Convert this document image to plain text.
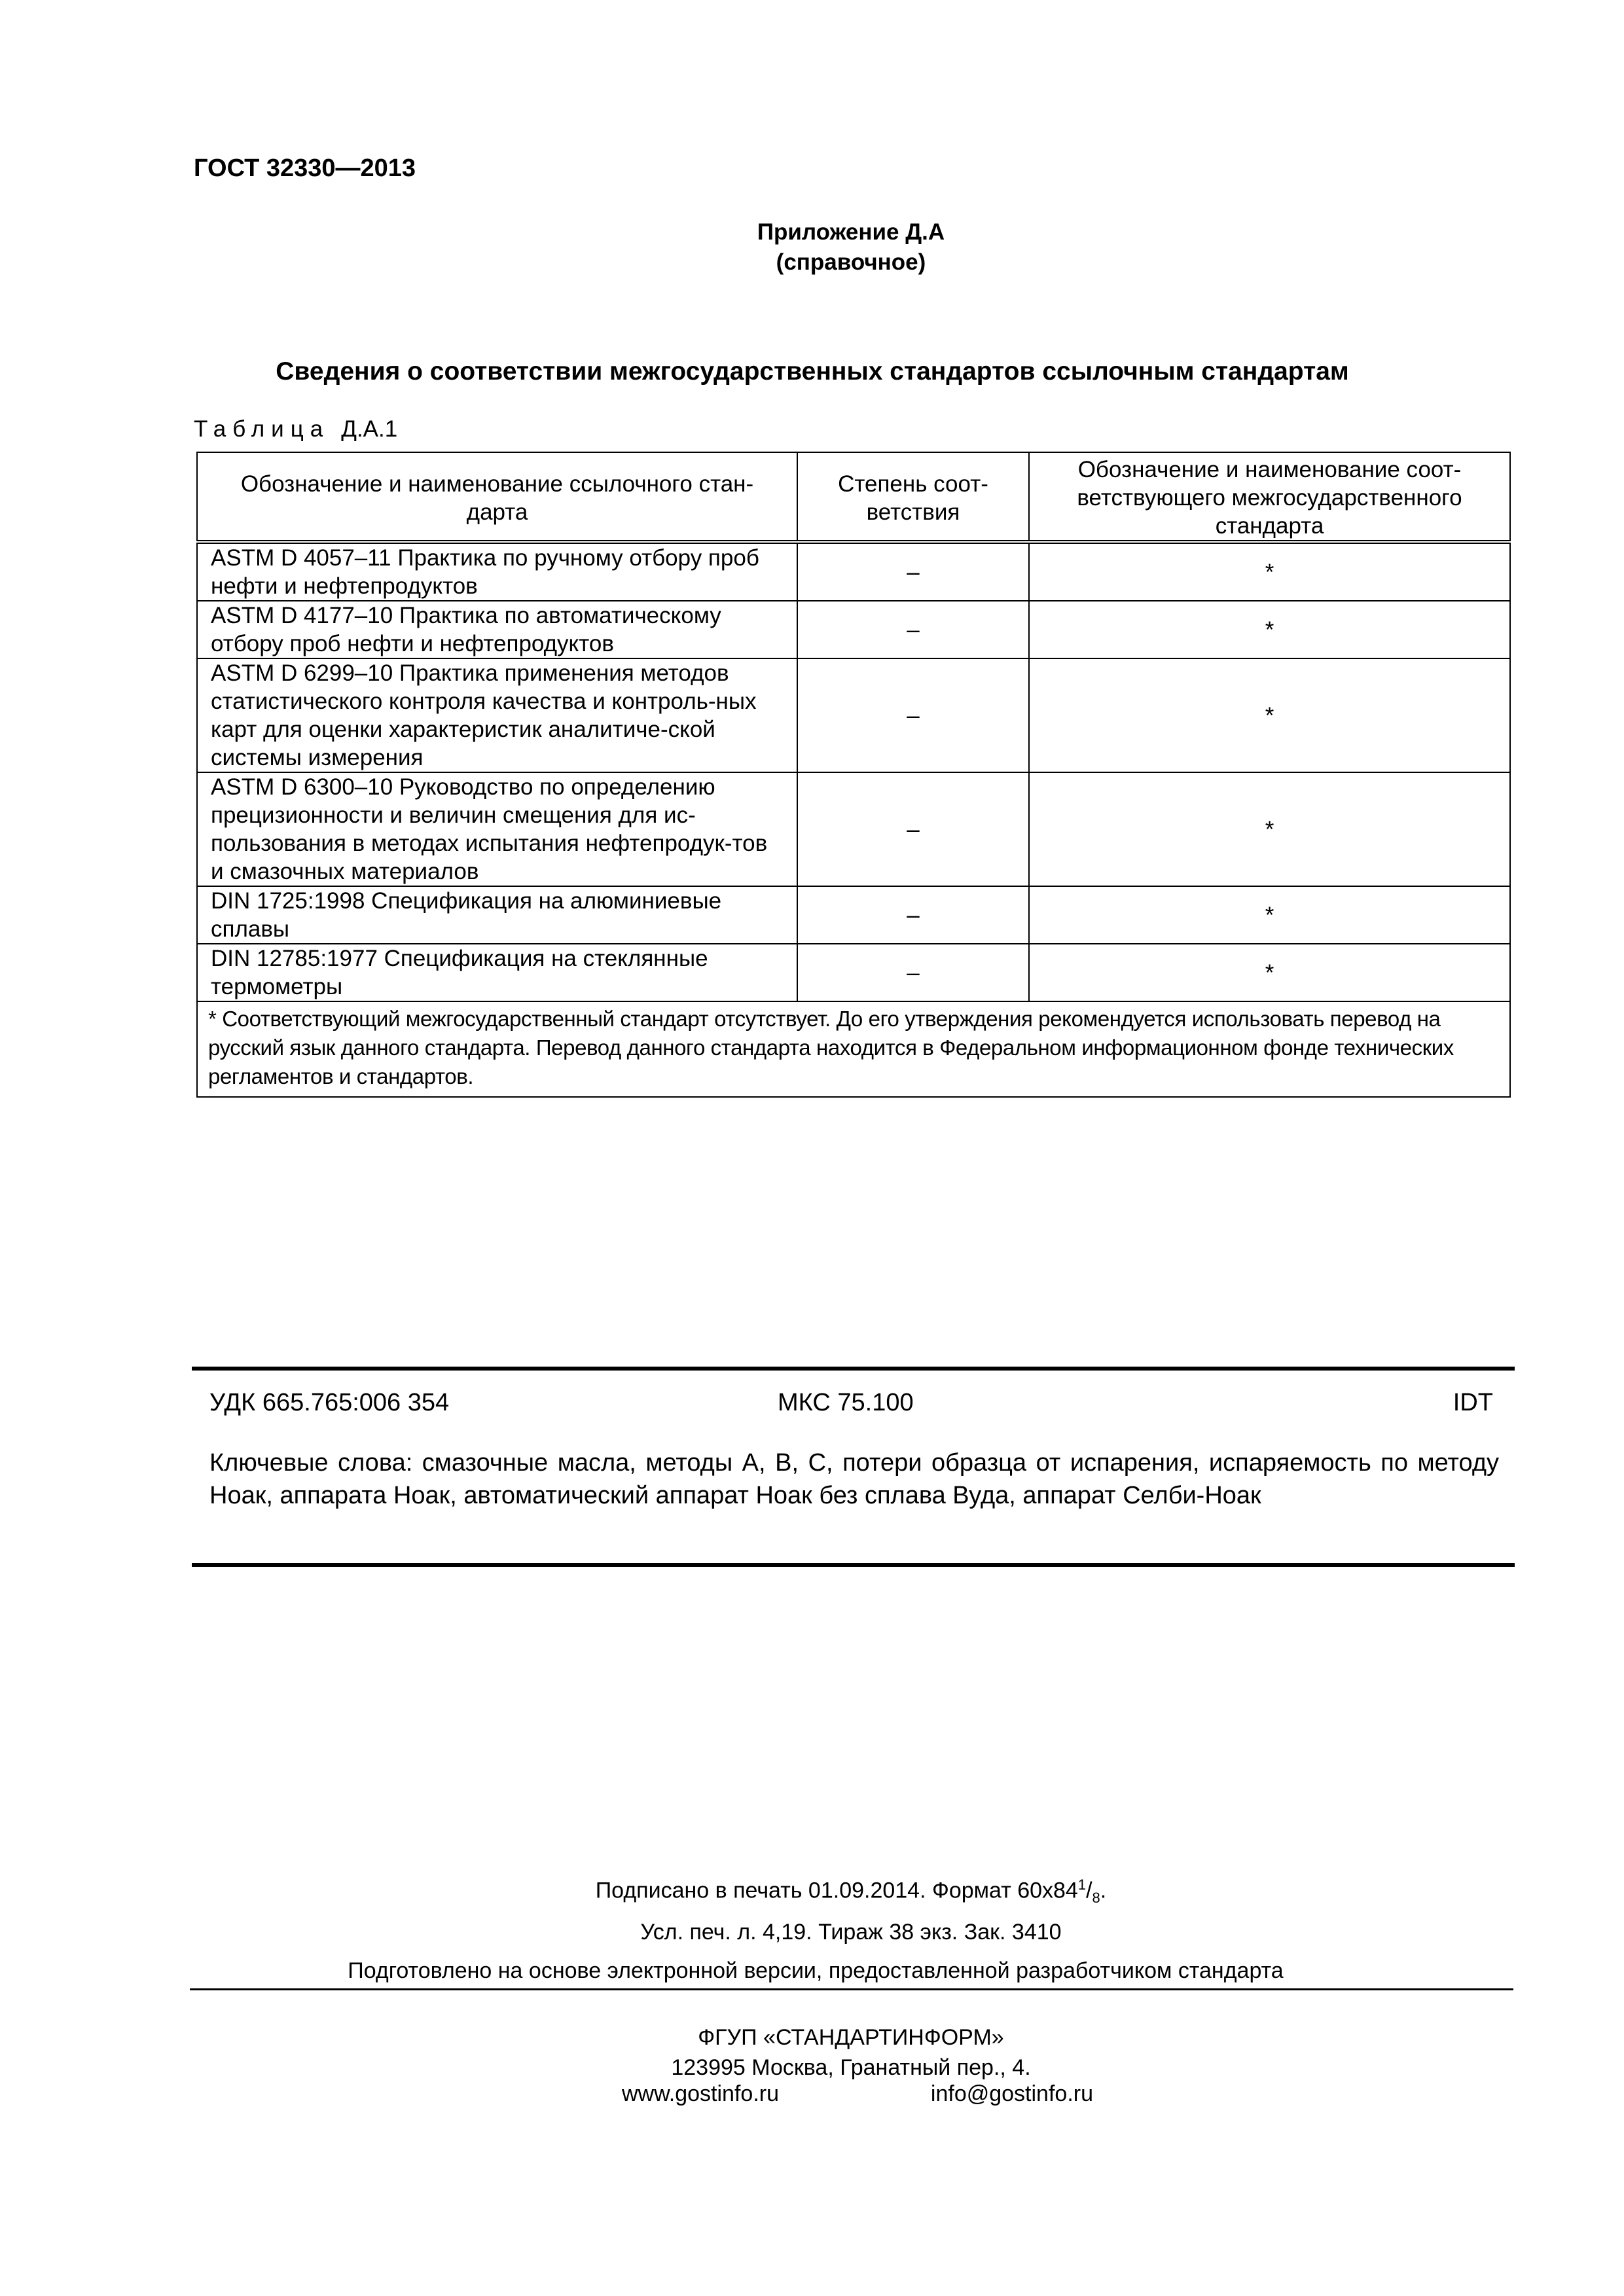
ГОСТ 32330—2013
Приложение Д.А
(справочное)
Сведения о соответствии межгосударственных стандартов ссылочным стандартам
Таблица Д.А.1
Обозначение и наименование ссылочного стан-дарта	Степень соот-ветствия	Обозначение и наименование соот-ветствующего межгосударственного стандарта
ASTM D 4057–11 Практика по ручному отбору проб нефти и нефтепродуктов	–	*
ASTM D 4177–10 Практика по автоматическому отбору проб нефти и нефтепродуктов	–	*
ASTM D 6299–10 Практика применения методов статистического контроля качества и контроль-ных карт для оценки характеристик аналитиче-ской системы измерения	–	*
ASTM D 6300–10 Руководство по определению прецизионности и величин смещения для ис-пользования в методах испытания нефтепродук-тов и смазочных материалов	–	*
DIN 1725:1998 Спецификация на алюминиевые сплавы	–	*
DIN 12785:1977 Спецификация на стеклянные термометры	–	*
* Соответствующий межгосударственный стандарт отсутствует. До его утверждения рекомендуется использовать перевод на русский язык данного стандарта. Перевод данного стандарта находится в Федеральном информационном фонде технических регламентов и стандартов.		
УДК 665.765:006 354	МКС 75.100	IDT
Ключевые слова: смазочные масла, методы А, В, С, потери образца от испарения, испаряемость по методу Ноак, аппарата Ноак, автоматический аппарат Ноак без сплава Вуда, аппарат Селби-Ноак
Подписано в печать 01.09.2014. Формат $60х84^1/_8$.
Усл. печ. л. 4,19. Тираж 38 экз. Зак. 3410
Подготовлено на основе электронной версии, предоставленной разработчиком стандарта
ФГУП «СТАНДАРТИНФОРМ»
123995 Москва, Гранатный пер., 4.
www.gostinfo.ru	info@gostinfo.ru
